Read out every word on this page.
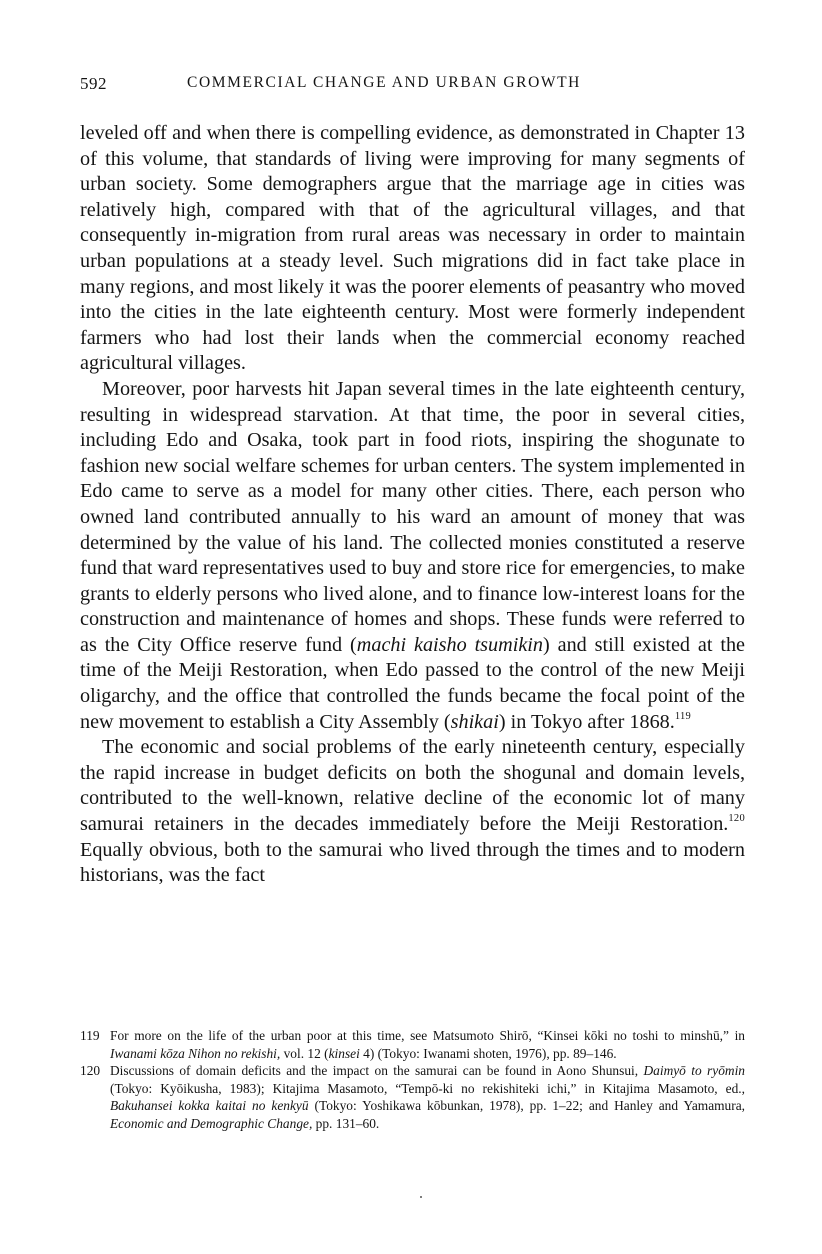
592	COMMERCIAL CHANGE AND URBAN GROWTH

leveled off and when there is compelling evidence, as demonstrated in Chapter 13 of this volume, that standards of living were improving for many segments of urban society. Some demographers argue that the marriage age in cities was relatively high, compared with that of the agricultural villages, and that consequently in-migration from rural areas was necessary in order to maintain urban populations at a steady level. Such migrations did in fact take place in many regions, and most likely it was the poorer elements of peasantry who moved into the cities in the late eighteenth century. Most were formerly independent farmers who had lost their lands when the commercial economy reached agricultural villages.

Moreover, poor harvests hit Japan several times in the late eighteenth century, resulting in widespread starvation. At that time, the poor in several cities, including Edo and Osaka, took part in food riots, inspiring the shogunate to fashion new social welfare schemes for urban centers. The system implemented in Edo came to serve as a model for many other cities. There, each person who owned land contributed annually to his ward an amount of money that was determined by the value of his land. The collected monies constituted a reserve fund that ward representatives used to buy and store rice for emergencies, to make grants to elderly persons who lived alone, and to finance low-interest loans for the construction and maintenance of homes and shops. These funds were referred to as the City Office reserve fund (machi kaisho tsumikin) and still existed at the time of the Meiji Restoration, when Edo passed to the control of the new Meiji oligarchy, and the office that controlled the funds became the focal point of the new movement to establish a City Assembly (shikai) in Tokyo after 1868.$^{119}$

The economic and social problems of the early nineteenth century, especially the rapid increase in budget deficits on both the shogunal and domain levels, contributed to the well-known, relative decline of the economic lot of many samurai retainers in the decades immediately before the Meiji Restoration.$^{120}$ Equally obvious, both to the samurai who lived through the times and to modern historians, was the fact

119 For more on the life of the urban poor at this time, see Matsumoto Shirō, “Kinsei kōki no toshi to minshū,” in Iwanami kōza Nihon no rekishi, vol. 12 (kinsei 4) (Tokyo: Iwanami shoten, 1976), pp. 89–146.
120 Discussions of domain deficits and the impact on the samurai can be found in Aono Shunsui, Daimyō to ryōmin (Tokyo: Kyōikusha, 1983); Kitajima Masamoto, “Tempō-ki no rekishiteki ichi,” in Kitajima Masamoto, ed., Bakuhansei kokka kaitai no kenkyū (Tokyo: Yoshikawa kōbunkan, 1978), pp. 1–22; and Hanley and Yamamura, Economic and Demographic Change, pp. 131–60.
